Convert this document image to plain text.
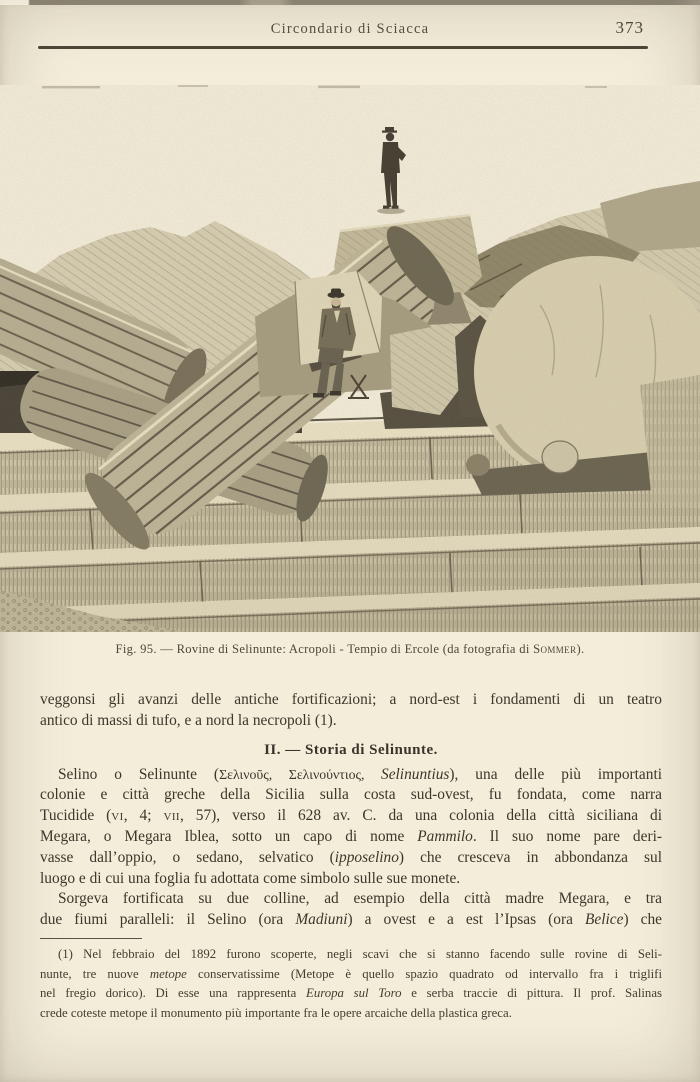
Circondario di Sciacca	373
Fig. 95. — Rovine di Selinunte: Acropoli - Tempio di Ercole (da fotografia di Sommer).
veggonsi gli avanzi delle antiche fortificazioni; a nord-est i fondamenti di un teatro
antico di massi di tufo, e a nord la necropoli (1).
II. — Storia di Selinunte.
Selino o Selinunte (Σελινοῦς, Σελινούντιος, Selinuntius), una delle più importanti
colonie e città greche della Sicilia sulla costa sud-ovest, fu fondata, come narra
Tucidide (vi, 4; vii, 57), verso il 628 av. C. da una colonia della città siciliana di
Megara, o Megara Iblea, sotto un capo di nome Pammilo. Il suo nome pare deri-
vasse dall’oppio, o sedano, selvatico (ipposelino) che cresceva in abbondanza sul
luogo e di cui una foglia fu adottata come simbolo sulle sue monete.
Sorgeva fortificata su due colline, ad esempio della città madre Megara, e tra
due fiumi paralleli: il Selino (ora Madiuni) a ovest e a est l’Ipsas (ora Belice) che
(1) Nel febbraio del 1892 furono scoperte, negli scavi che si stanno facendo sulle rovine di Seli-
nunte, tre nuove metope conservatissime (Metope è quello spazio quadrato od intervallo fra i triglifi
nel fregio dorico). Di esse una rappresenta Europa sul Toro e serba traccie di pittura. Il prof. Salinas
crede coteste metope il monumento più importante fra le opere arcaiche della plastica greca.
